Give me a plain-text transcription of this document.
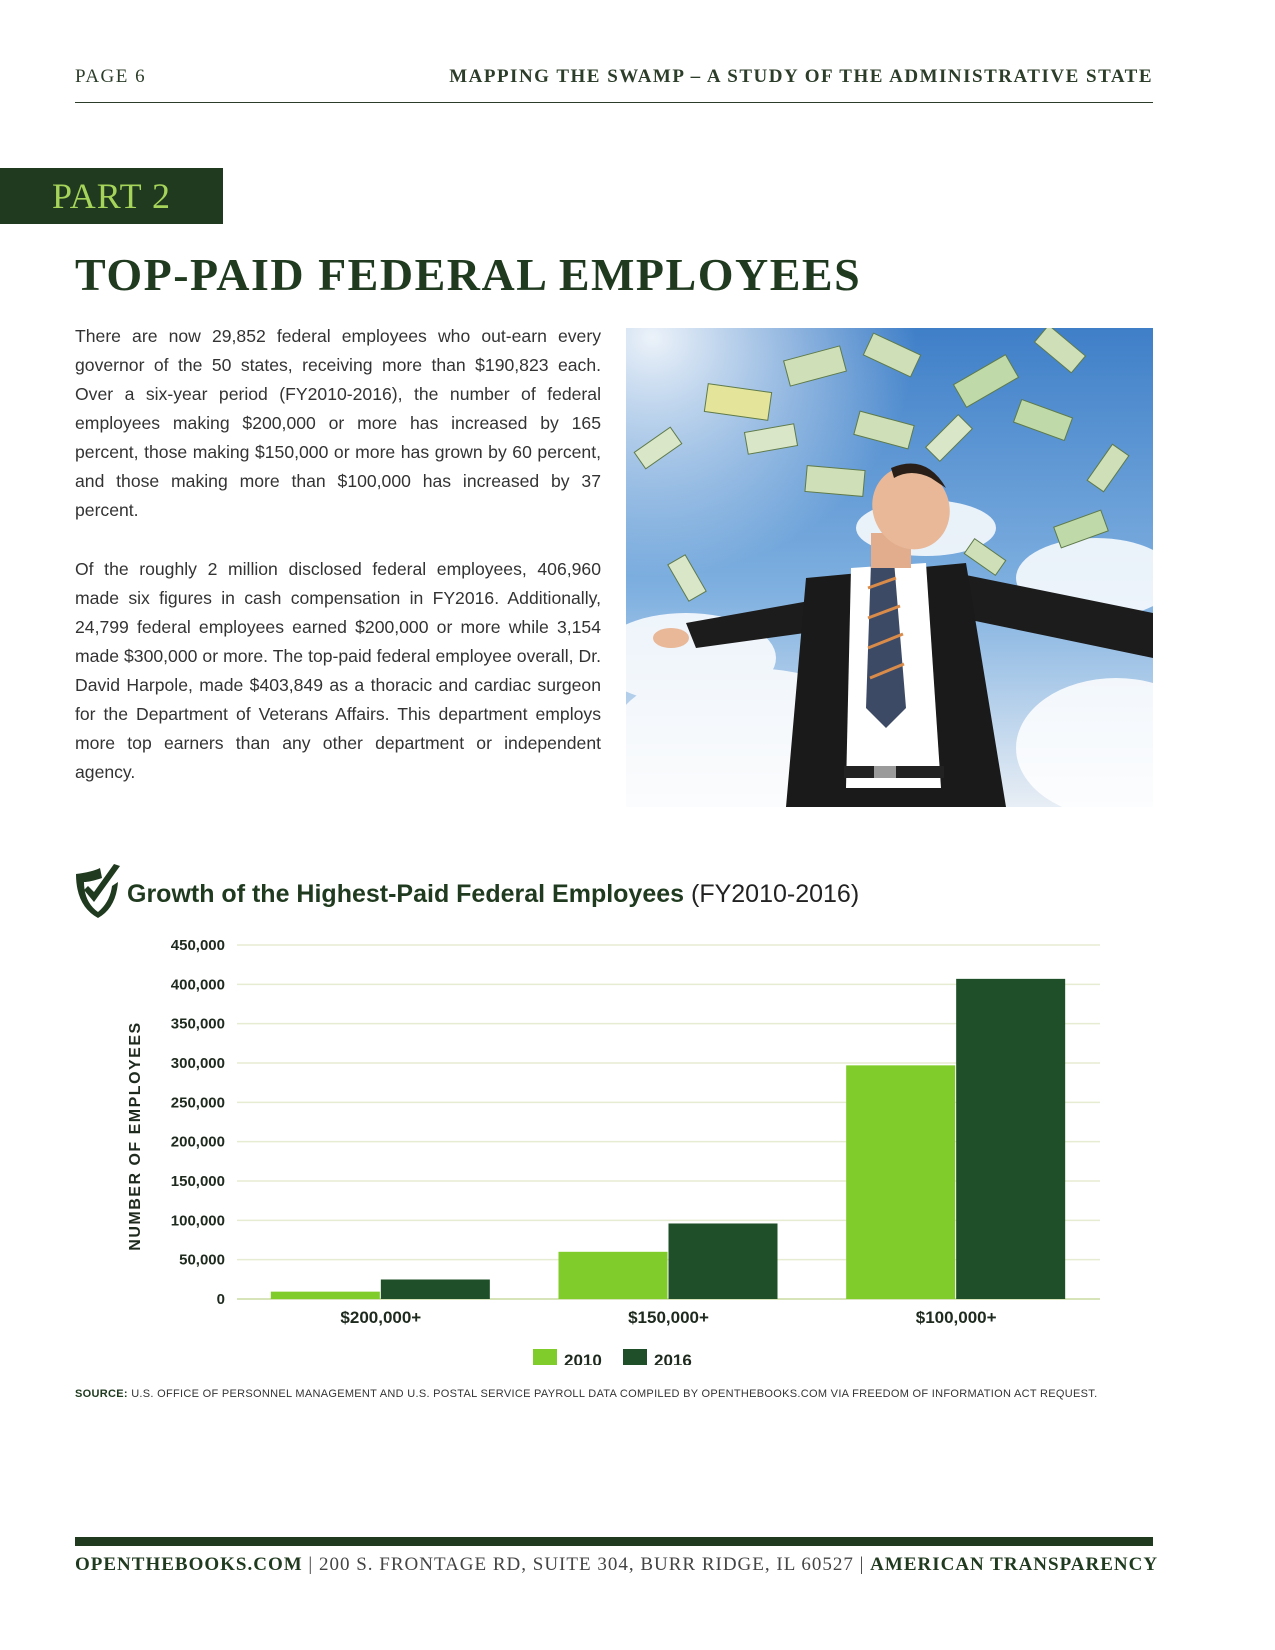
PAGE 6	MAPPING THE SWAMP – A STUDY OF THE ADMINISTRATIVE STATE
PART 2
TOP-PAID FEDERAL EMPLOYEES
There are now 29,852 federal employees who out-earn every governor of the 50 states, receiving more than $190,823 each. Over a six-year period (FY2010-2016), the number of federal employees making $200,000 or more has increased by 165 percent, those making $150,000 or more has grown by 60 percent, and those making more than $100,000 has increased by 37 percent.
Of the roughly 2 million disclosed federal employees, 406,960 made six figures in cash compensation in FY2016. Additionally, 24,799 federal employees earned $200,000 or more while 3,154 made $300,000 or more. The top-paid federal employee overall, Dr. David Harpole, made $403,849 as a thoracic and cardiac surgeon for the Department of Veterans Affairs. This department employs more top earners than any other department or independent agency.
Growth of the Highest-Paid Federal Employees (FY2010-2016)
0
50,000
100,000
150,000
200,000
250,000
300,000
350,000
400,000
450,000
NUMBER OF EMPLOYEES
$200,000+	$150,000+	$100,000+
2010	2016
SOURCE: U.S. OFFICE OF PERSONNEL MANAGEMENT AND U.S. POSTAL SERVICE PAYROLL DATA COMPILED BY OPENTHEBOOKS.COM VIA FREEDOM OF INFORMATION ACT REQUEST.
OPENTHEBOOKS.COM | 200 S. FRONTAGE RD, SUITE 304, BURR RIDGE, IL 60527 | AMERICAN TRANSPARENCY
